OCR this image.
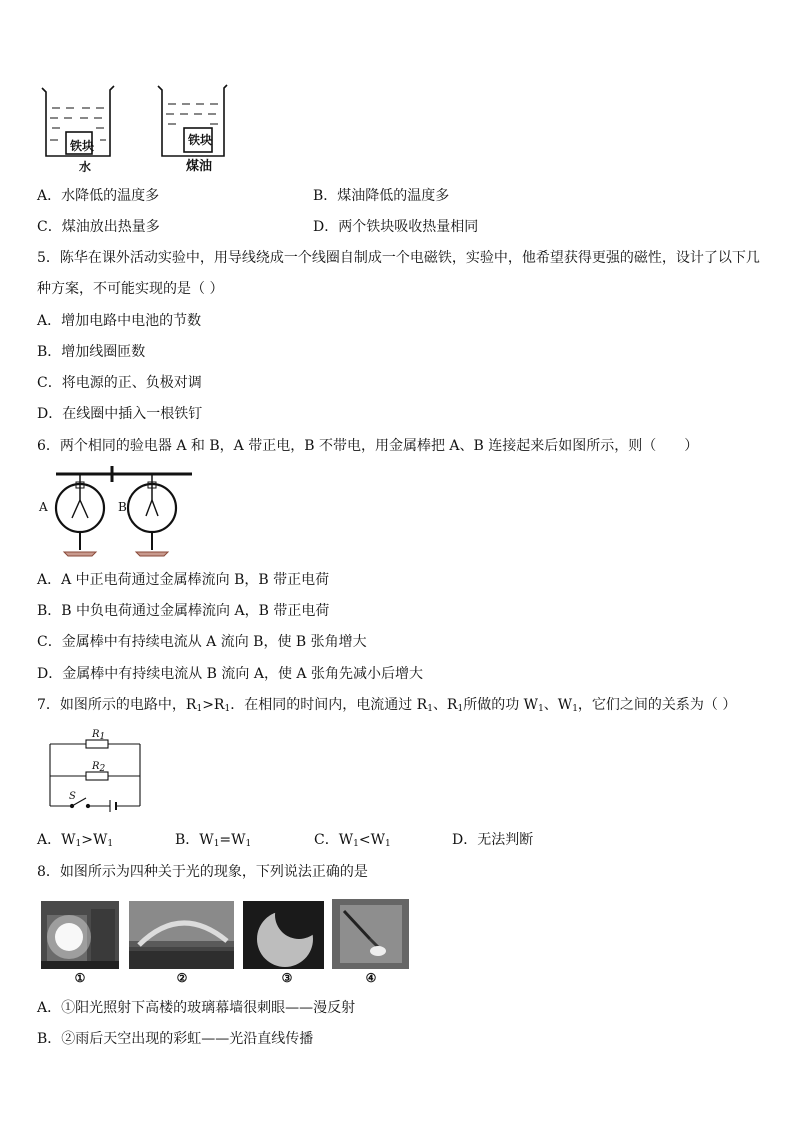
铁块
水
铁块
煤油
A．水降低的温度多	B．煤油降低的温度多
C．煤油放出热量多	D．两个铁块吸收热量相同
5．陈华在课外活动实验中，用导线绕成一个线圈自制成一个电磁铁，实验中，他希望获得更强的磁性，设计了以下几
种方案，不可能实现的是（ ）
A．增加电路中电池的节数
B．增加线圈匝数
C．将电源的正、负极对调
D．在线圈中插入一根铁钉
6．两个相同的验电器 A 和 B，A 带正电，B 不带电，用金属棒把 A、B 连接起来后如图所示，则（　　）
A	B
A．A 中正电荷通过金属棒流向 B，B 带正电荷
B．B 中负电荷通过金属棒流向 A，B 带正电荷
C．金属棒中有持续电流从 A 流向 B，使 B 张角增大
D．金属棒中有持续电流从 B 流向 A，使 A 张角先减小后增大
7．如图所示的电路中，$R_1>R_1$．在相同的时间内，电流通过 $R_1$、$R_1$所做的功 $W_1$、$W_1$，它们之间的关系为（ ）
$R_1$
$R_2$
S
A．$W_1>W_1$	B．$W_1=W_1$	C．$W_1<W_1$	D．无法判断
8．如图所示为四种关于光的现象，下列说法正确的是
①	②	③	④
A．①阳光照射下高楼的玻璃幕墙很刺眼——漫反射
B．②雨后天空出现的彩虹——光沿直线传播
